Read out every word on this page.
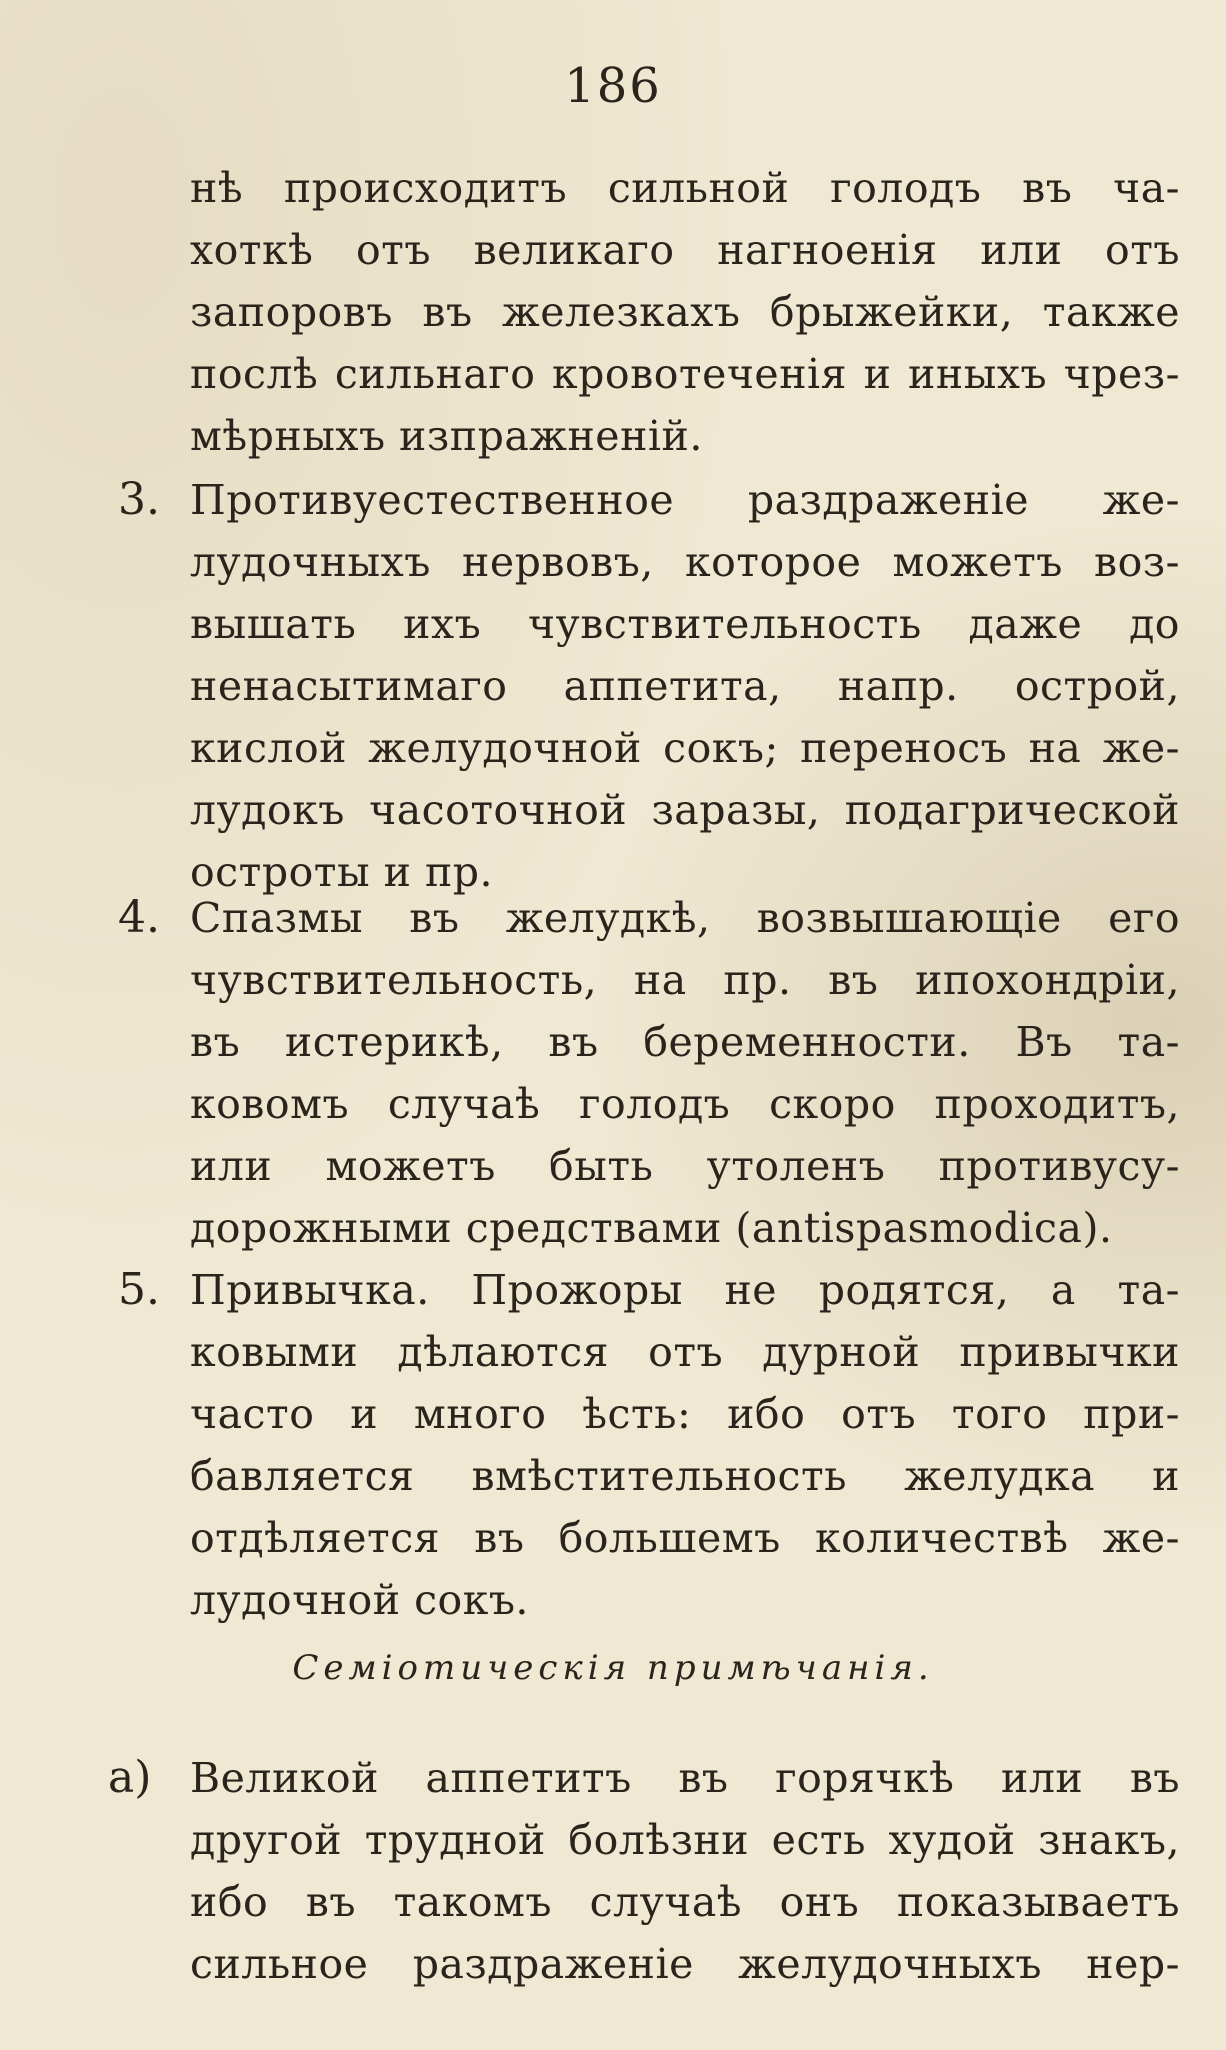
186
нѣ происходитъ сильной голодъ въ ча-
хоткѣ отъ великаго нагноенія или отъ
запоровъ въ железкахъ брыжейки, также
послѣ сильнаго кровотеченія и иныхъ чрез-
мѣрныхъ изпражненій.
3. Противуестественное раздраженіе же-
лудочныхъ нервовъ, которое можетъ воз-
вышать ихъ чувствительность даже до
ненасытимаго аппетита, напр. острой,
кислой желудочной сокъ; переносъ на же-
лудокъ часоточной заразы, подагрической
остроты и пр.
4. Спазмы въ желудкѣ, возвышающіе его
чувствительность, на пр. въ ипохондріи,
въ истерикѣ, въ беременности. Въ та-
ковомъ случаѣ голодъ скоро проходитъ,
или можетъ быть утоленъ противусу-
дорожными средствами (antispasmodica).
5. Привычка. Прожоры не родятся, а та-
ковыми дѣлаются отъ дурной привычки
часто и много ѣсть: ибо отъ того при-
бавляется вмѣстительность желудка и
отдѣляется въ большемъ количествѣ же-
лудочной сокъ.
Семіотическія примѣчанія.
a) Великой аппетитъ въ горячкѣ или въ
другой трудной болѣзни есть худой знакъ,
ибо въ такомъ случаѣ онъ показываетъ
сильное раздраженіе желудочныхъ нер-
